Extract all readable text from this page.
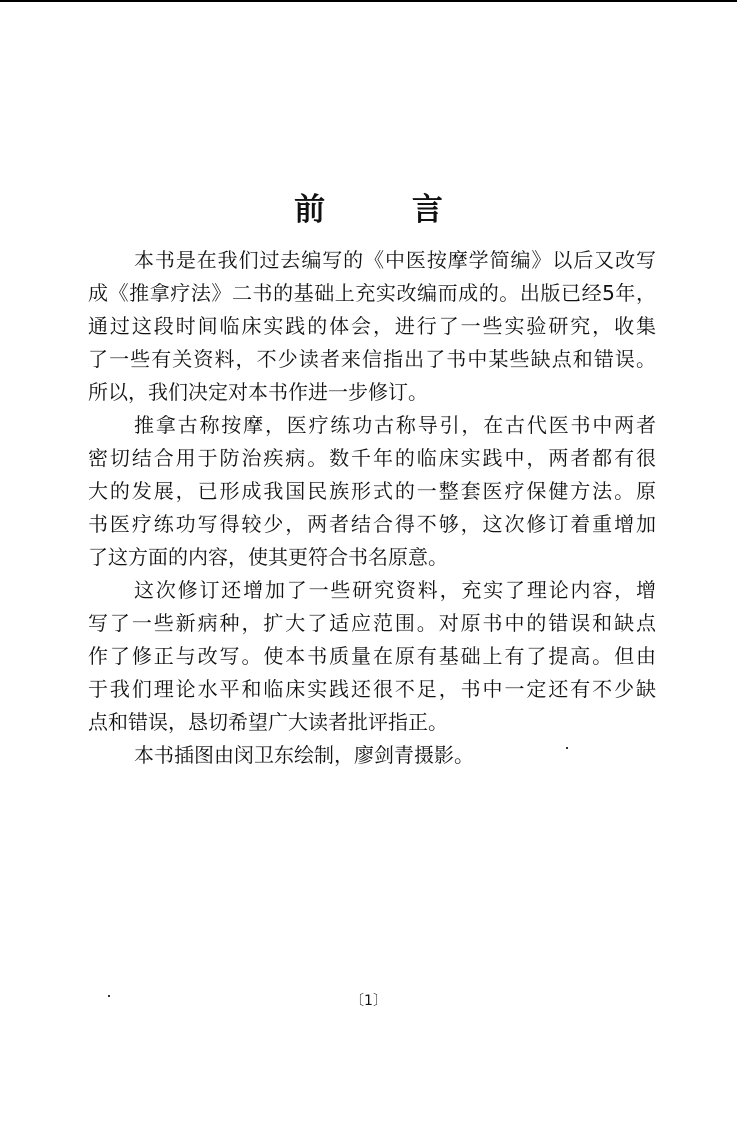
前 言
本书是在我们过去编写的《中医按摩学简编》以后又改写
成《推拿疗法》二书的基础上充实改编而成的。出版已经5年，
通过这段时间临床实践的体会，进行了一些实验研究，收集
了一些有关资料，不少读者来信指出了书中某些缺点和错误。
所以，我们决定对本书作进一步修订。
推拿古称按摩，医疗练功古称导引，在古代医书中两者
密切结合用于防治疾病。数千年的临床实践中，两者都有很
大的发展，已形成我国民族形式的一整套医疗保健方法。原
书医疗练功写得较少，两者结合得不够，这次修订着重增加
了这方面的内容，使其更符合书名原意。
这次修订还增加了一些研究资料，充实了理论内容，增
写了一些新病种，扩大了适应范围。对原书中的错误和缺点
作了修正与改写。使本书质量在原有基础上有了提高。但由
于我们理论水平和临床实践还很不足，书中一定还有不少缺
点和错误，恳切希望广大读者批评指正。
本书插图由闵卫东绘制，廖剑青摄影。
〔1〕
